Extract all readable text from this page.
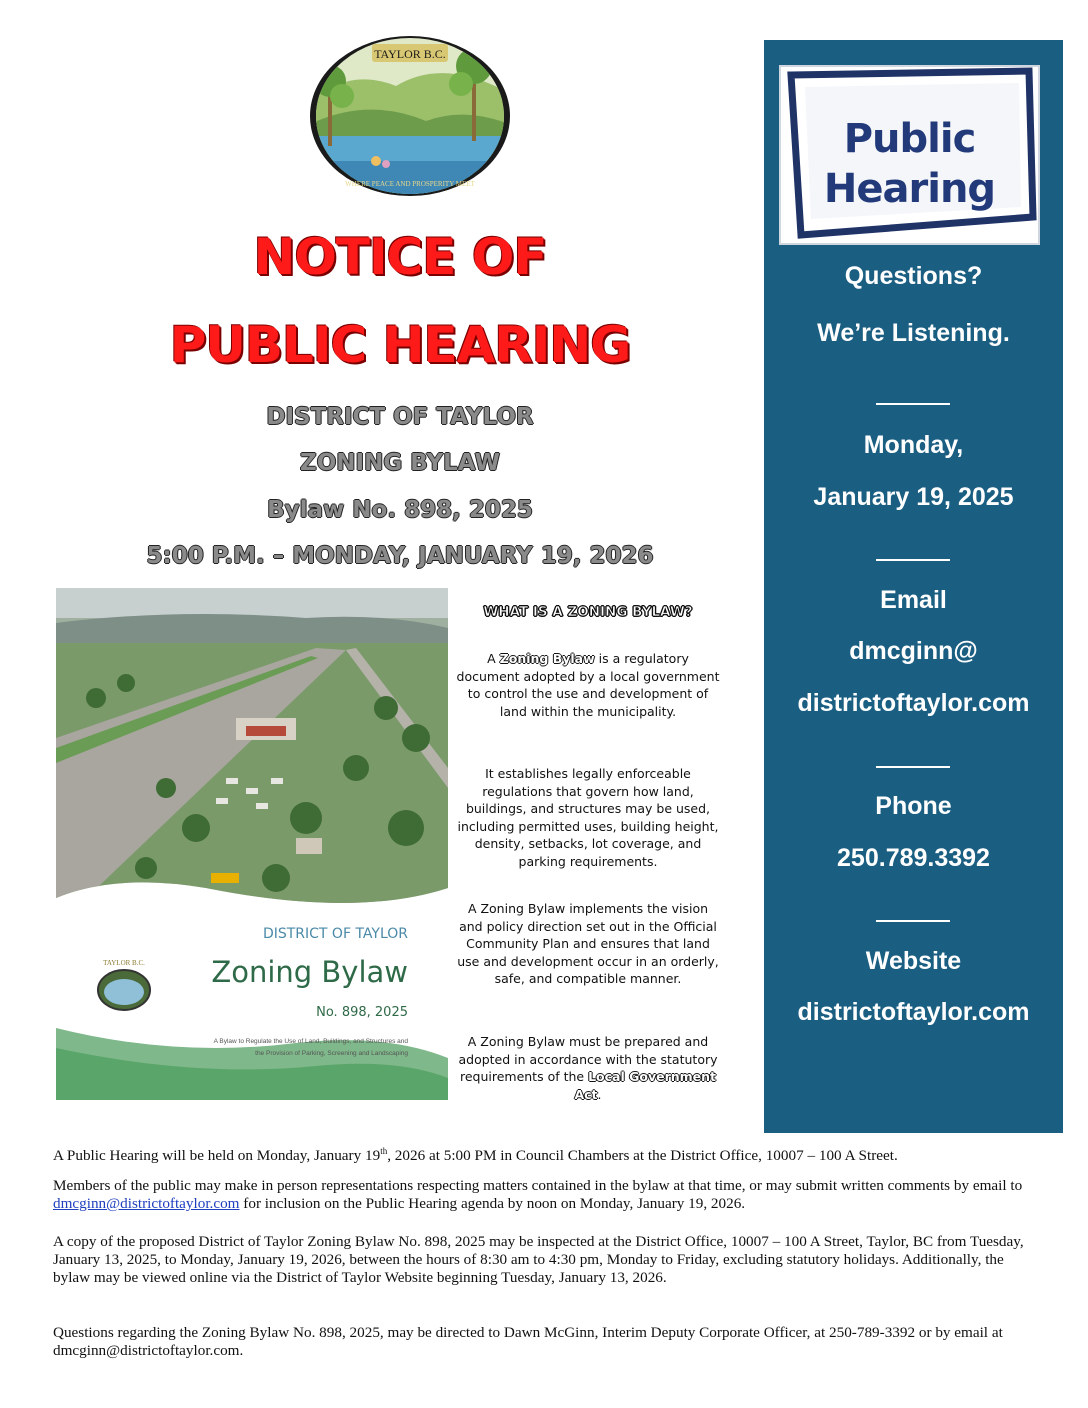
TAYLOR B.C.
WHERE PEACE AND PROSPERITY MEET
NOTICE OF
PUBLIC HEARING
DISTRICT OF TAYLOR
ZONING BYLAW
Bylaw No. 898, 2025
5:00 P.M. – MONDAY, JANUARY 19, 2026
Public
Hearing
Questions?
We’re Listening.
Monday,
January 19, 2025
Email
dmcginn@
districtoftaylor.com
Phone
250.789.3392
Website
districtoftaylor.com
DISTRICT OF TAYLOR
Zoning Bylaw
No. 898, 2025
TAYLOR B.C.
A Bylaw to Regulate the Use of Land, Buildings, and Structures and
the Provision of Parking, Screening and Landscaping
WHAT IS A ZONING BYLAW?
A Zoning Bylaw is a regulatory document adopted by a local government to control the use and development of land within the municipality.
It establishes legally enforceable regulations that govern how land, buildings, and structures may be used, including permitted uses, building height, density, setbacks, lot coverage, and parking requirements.
A Zoning Bylaw implements the vision and policy direction set out in the Official Community Plan and ensures that land use and development occur in an orderly, safe, and compatible manner.
A Zoning Bylaw must be prepared and adopted in accordance with the statutory requirements of the Local Government Act.
A Public Hearing will be held on Monday, January 19th, 2026 at 5:00 PM in Council Chambers at the District Office, 10007 – 100 A Street.
Members of the public may make in person representations respecting matters contained in the bylaw at that time, or may submit written comments by email to dmcginn@districtoftaylor.com for inclusion on the Public Hearing agenda by noon on Monday, January 19, 2026.
A copy of the proposed District of Taylor Zoning Bylaw No. 898, 2025 may be inspected at the District Office, 10007 – 100 A Street, Taylor, BC from Tuesday, January 13, 2025, to Monday, January 19, 2026, between the hours of 8:30 am to 4:30 pm, Monday to Friday, excluding statutory holidays. Additionally, the bylaw may be viewed online via the District of Taylor Website beginning Tuesday, January 13, 2026.
Questions regarding the Zoning Bylaw No. 898, 2025, may be directed to Dawn McGinn, Interim Deputy Corporate Officer, at 250-789-3392 or by email at dmcginn@districtoftaylor.com.
